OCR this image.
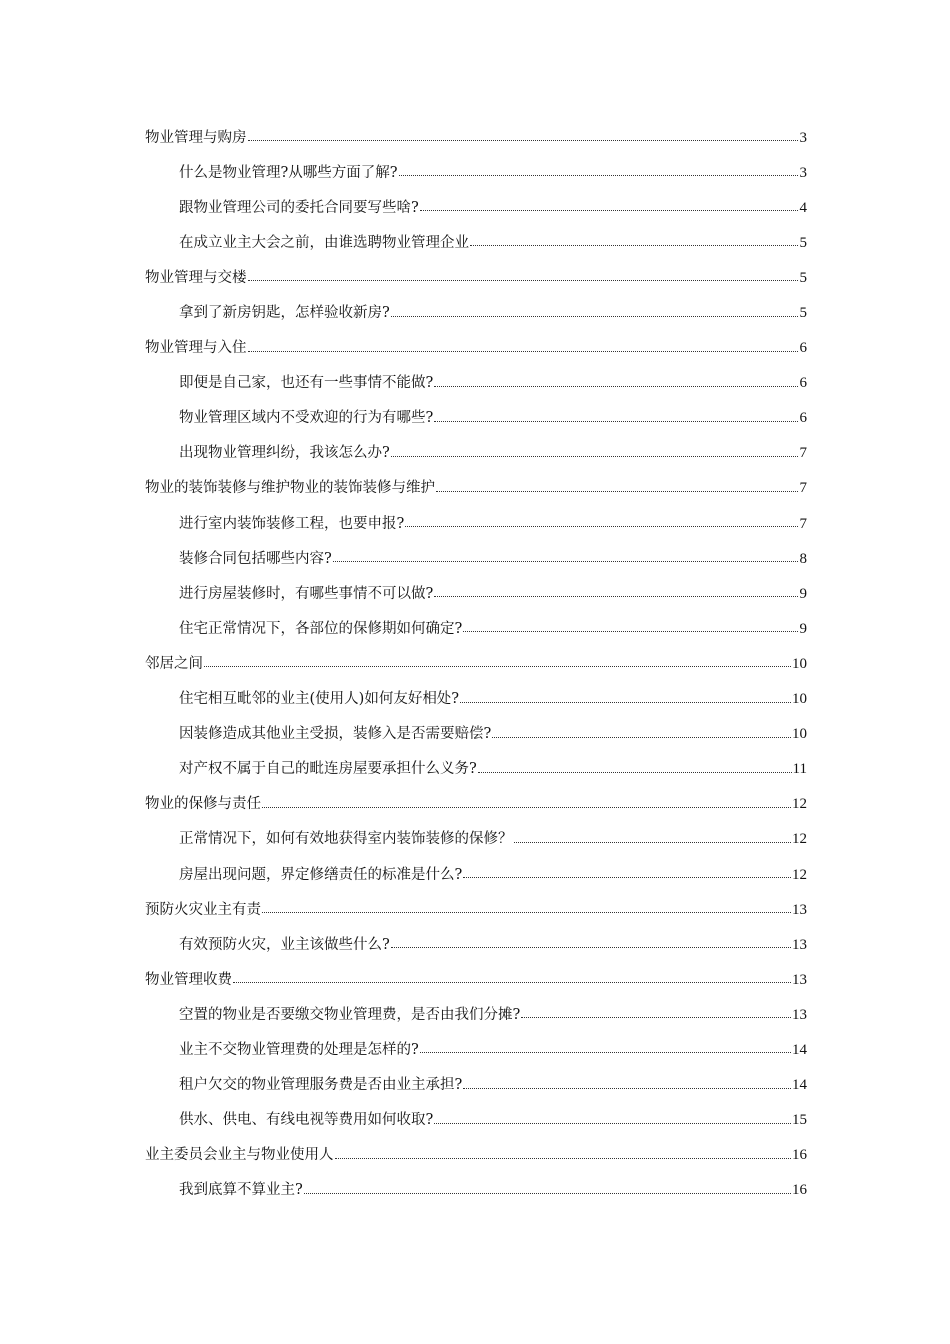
物业管理与购房	3
什么是物业管理?从哪些方面了解?	3
跟物业管理公司的委托合同要写些啥?	4
在成立业主大会之前，由谁选聘物业管理企业	5
物业管理与交楼	5
拿到了新房钥匙，怎样验收新房?	5
物业管理与入住	6
即便是自己家，也还有一些事情不能做?	6
物业管理区域内不受欢迎的行为有哪些?	6
出现物业管理纠纷，我该怎么办?	7
物业的装饰装修与维护物业的装饰装修与维护	7
进行室内装饰装修工程，也要申报?	7
装修合同包括哪些内容?	8
进行房屋装修时，有哪些事情不可以做?	9
住宅正常情况下，各部位的保修期如何确定?	9
邻居之间	10
住宅相互毗邻的业主(使用人)如何友好相处?	10
因装修造成其他业主受损，装修入是否需要赔偿?	10
对产权不属于自己的毗连房屋要承担什么义务?	11
物业的保修与责任	12
正常情况下，如何有效地获得室内装饰装修的保修？	12
房屋出现问题，界定修缮责任的标准是什么?	12
预防火灾业主有责	13
有效预防火灾，业主该做些什么?	13
物业管理收费	13
空置的物业是否要缴交物业管理费，是否由我们分摊?	13
业主不交物业管理费的处理是怎样的?	14
租户欠交的物业管理服务费是否由业主承担?	14
供水、供电、有线电视等费用如何收取?	15
业主委员会业主与物业使用人	16
我到底算不算业主?	16
